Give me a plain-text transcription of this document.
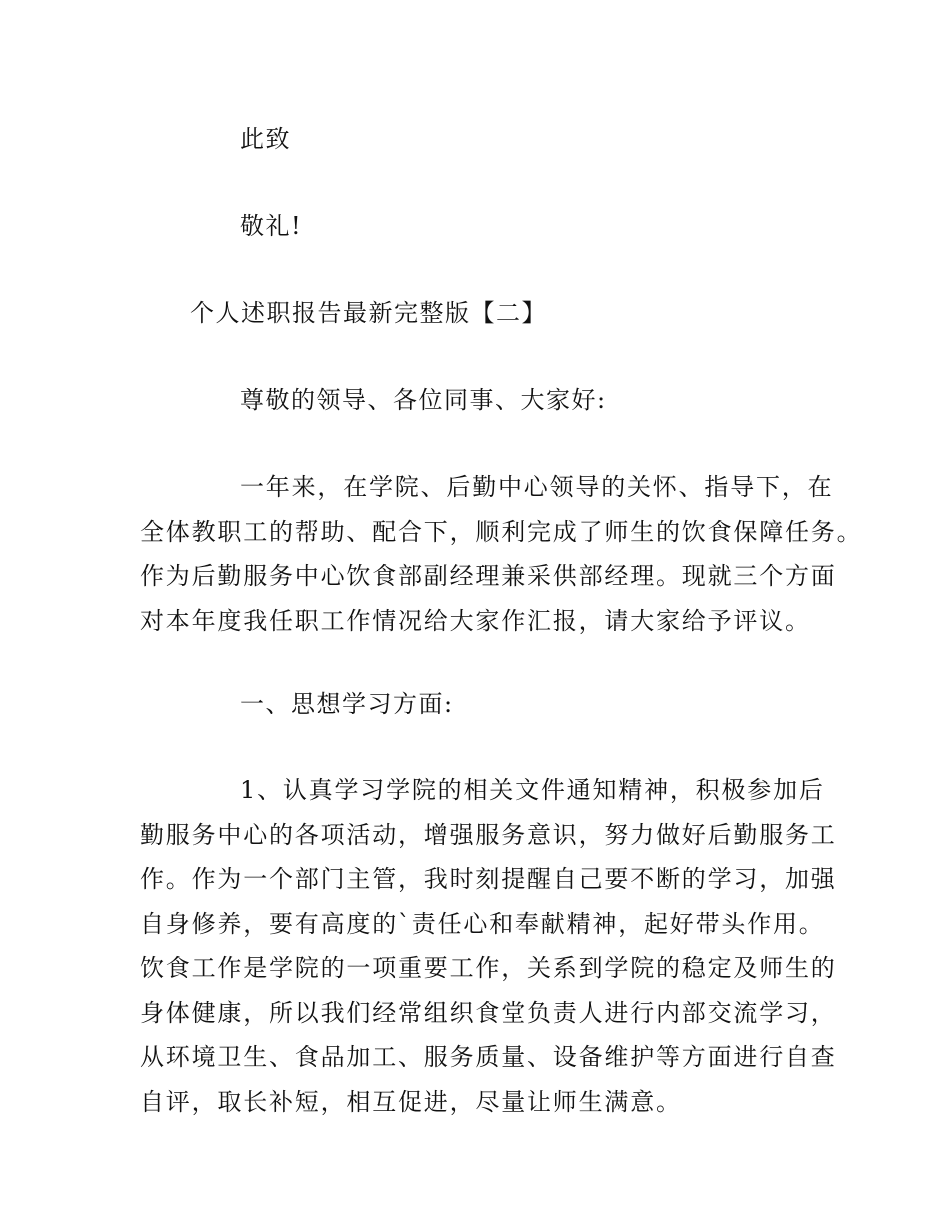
此致
敬礼!
个人述职报告最新完整版【二】
尊敬的领导、各位同事、大家好:
一年来，在学院、后勤中心领导的关怀、指导下，在
全体教职工的帮助、配合下，顺利完成了师生的饮食保障任务。
作为后勤服务中心饮食部副经理兼采供部经理。现就三个方面
对本年度我任职工作情况给大家作汇报，请大家给予评议。
一、思想学习方面:
1、认真学习学院的相关文件通知精神，积极参加后
勤服务中心的各项活动，增强服务意识，努力做好后勤服务工
作。作为一个部门主管，我时刻提醒自己要不断的学习，加强
自身修养，要有高度的`责任心和奉献精神，起好带头作用。
饮食工作是学院的一项重要工作，关系到学院的稳定及师生的
身体健康，所以我们经常组织食堂负责人进行内部交流学习，
从环境卫生、食品加工、服务质量、设备维护等方面进行自查
自评，取长补短，相互促进，尽量让师生满意。
